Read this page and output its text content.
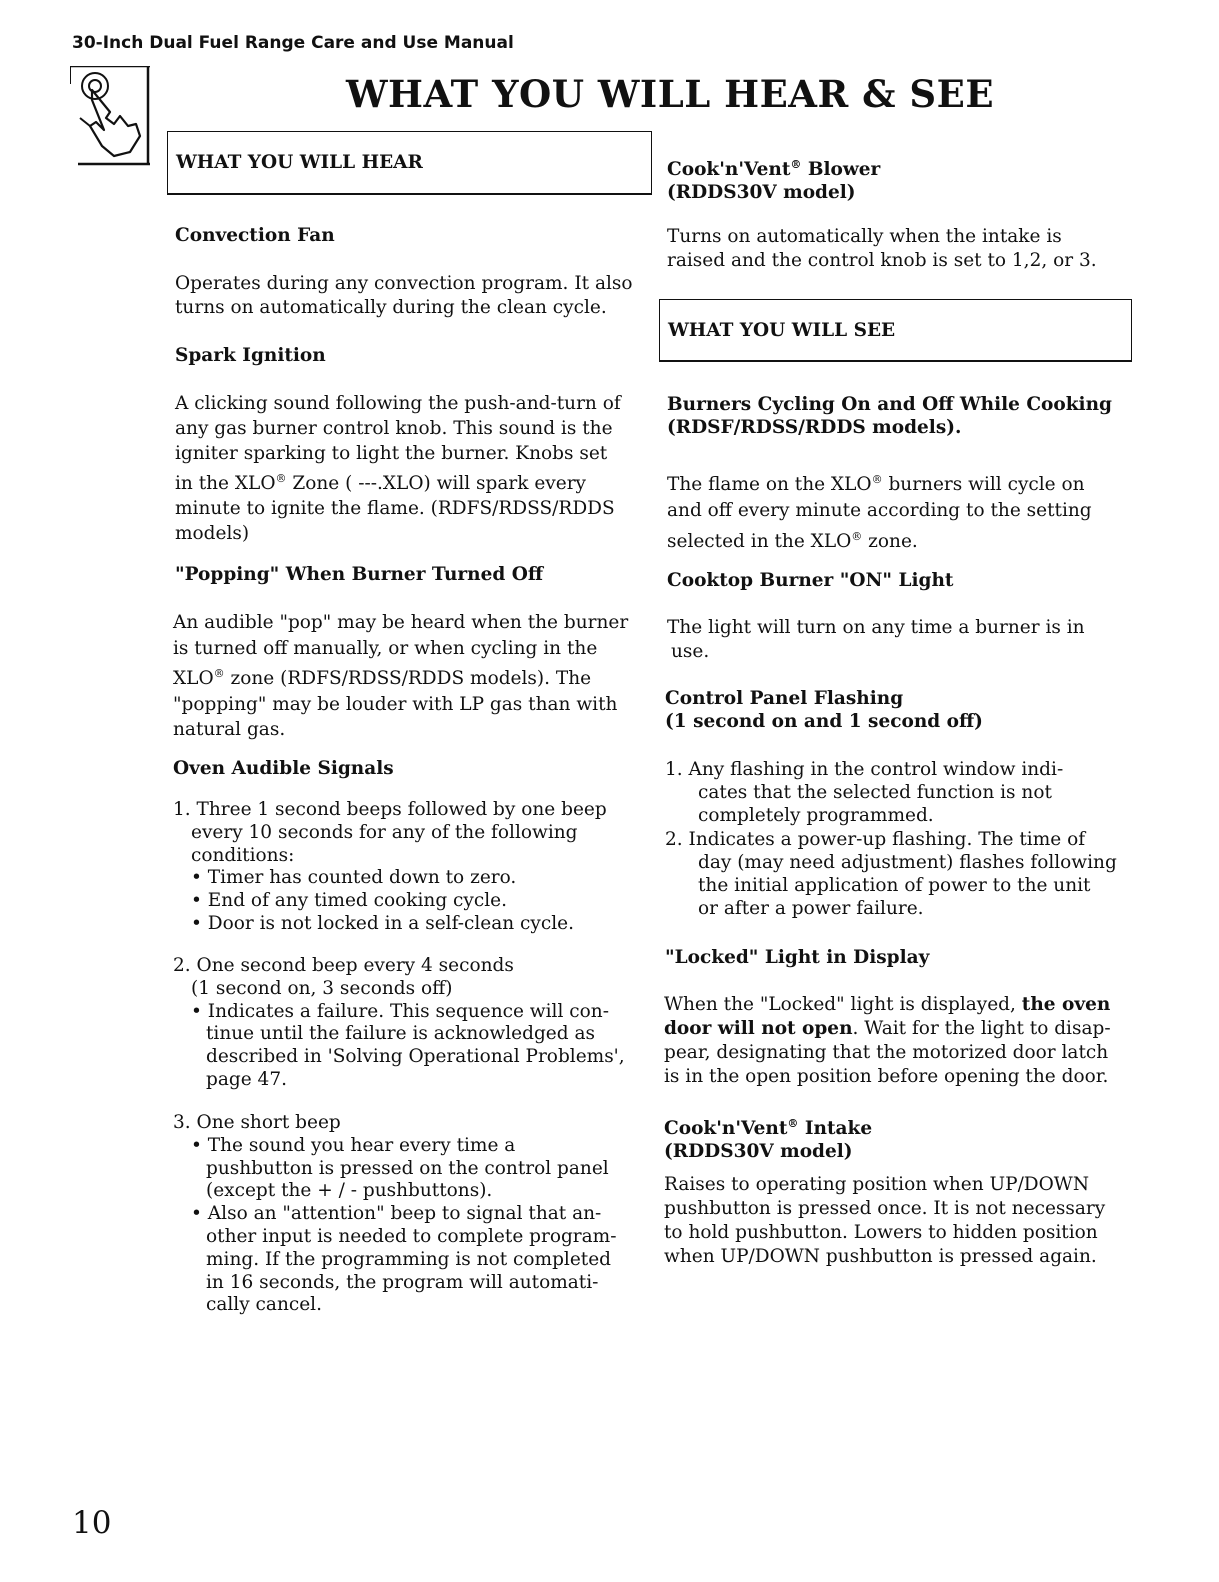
30-Inch Dual Fuel Range Care and Use Manual
WHAT YOU WILL HEAR & SEE
WHAT YOU WILL HEAR
WHAT YOU WILL SEE
Convection Fan
Operates during any convection program. It also
turns on automatically during the clean cycle.
Spark Ignition
A clicking sound following the push-and-turn of
any gas burner control knob. This sound is the
igniter sparking to light the burner. Knobs set
in the XLO® Zone ( ---.XLO) will spark every
minute to ignite the flame. (RDFS/RDSS/RDDS
models)
"Popping" When Burner Turned Off
An audible "pop" may be heard when the burner
is turned off manually, or when cycling in the
XLO® zone (RDFS/RDSS/RDDS models). The
"popping" may be louder with LP gas than with
natural gas.
Oven Audible Signals
1. Three 1 second beeps followed by one beep
every 10 seconds for any of the following
conditions:
• Timer has counted down to zero.
• End of any timed cooking cycle.
• Door is not locked in a self-clean cycle.
2. One second beep every 4 seconds
(1 second on, 3 seconds off)
• Indicates a failure. This sequence will con-
tinue until the failure is acknowledged as
described in 'Solving Operational Problems',
page 47.
3. One short beep
• The sound you hear every time a
pushbutton is pressed on the control panel
(except the + / - pushbuttons).
• Also an "attention" beep to signal that an-
other input is needed to complete program-
ming. If the programming is not completed
in 16 seconds, the program will automati-
cally cancel.
Cook'n'Vent® Blower
(RDDS30V model)
Turns on automatically when the intake is
raised and the control knob is set to 1,2, or 3.
Burners Cycling On and Off While Cooking
(RDSF/RDSS/RDDS models).
The flame on the XLO® burners will cycle on
and off every minute according to the setting
selected in the XLO® zone.
Cooktop Burner "ON" Light
The light will turn on any time a burner is in
use.
Control Panel Flashing
(1 second on and 1 second off)
1. Any flashing in the control window indi-
cates that the selected function is not
completely programmed.
2. Indicates a power-up flashing. The time of
day (may need adjustment) flashes following
the initial application of power to the unit
or after a power failure.
"Locked" Light in Display
When the "Locked" light is displayed, the oven
door will not open. Wait for the light to disap-
pear, designating that the motorized door latch
is in the open position before opening the door.
Cook'n'Vent® Intake
(RDDS30V model)
Raises to operating position when UP/DOWN
pushbutton is pressed once. It is not necessary
to hold pushbutton. Lowers to hidden position
when UP/DOWN pushbutton is pressed again.
10
